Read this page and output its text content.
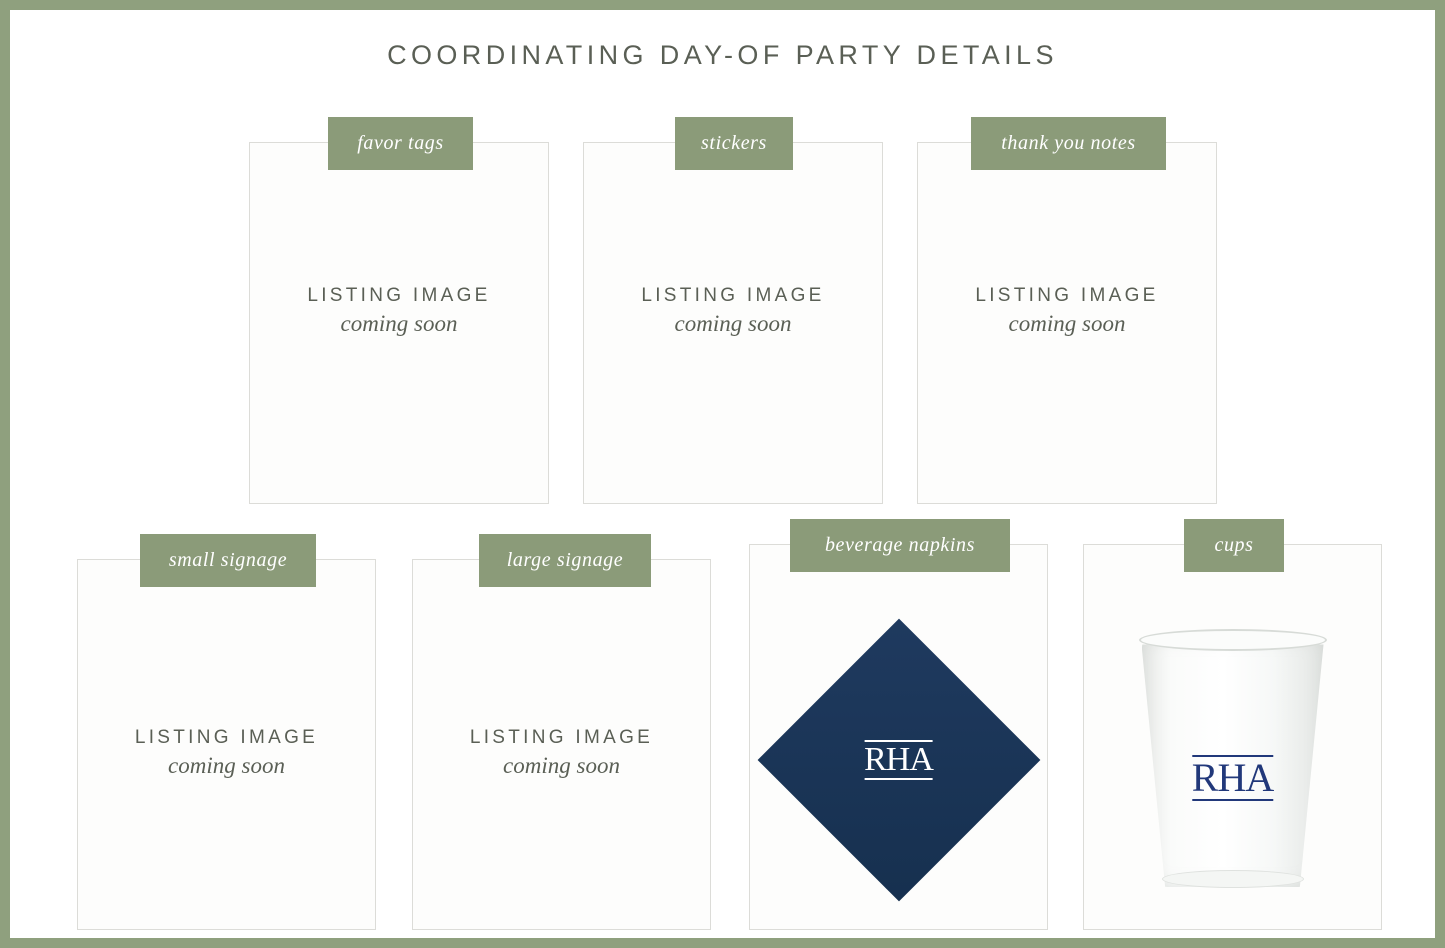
COORDINATING DAY-OF PARTY DETAILS
favor tags
LISTING IMAGE
coming soon
stickers
LISTING IMAGE
coming soon
thank you notes
LISTING IMAGE
coming soon
small signage
LISTING IMAGE
coming soon
large signage
LISTING IMAGE
coming soon
beverage napkins
RHA
cups
RHA
